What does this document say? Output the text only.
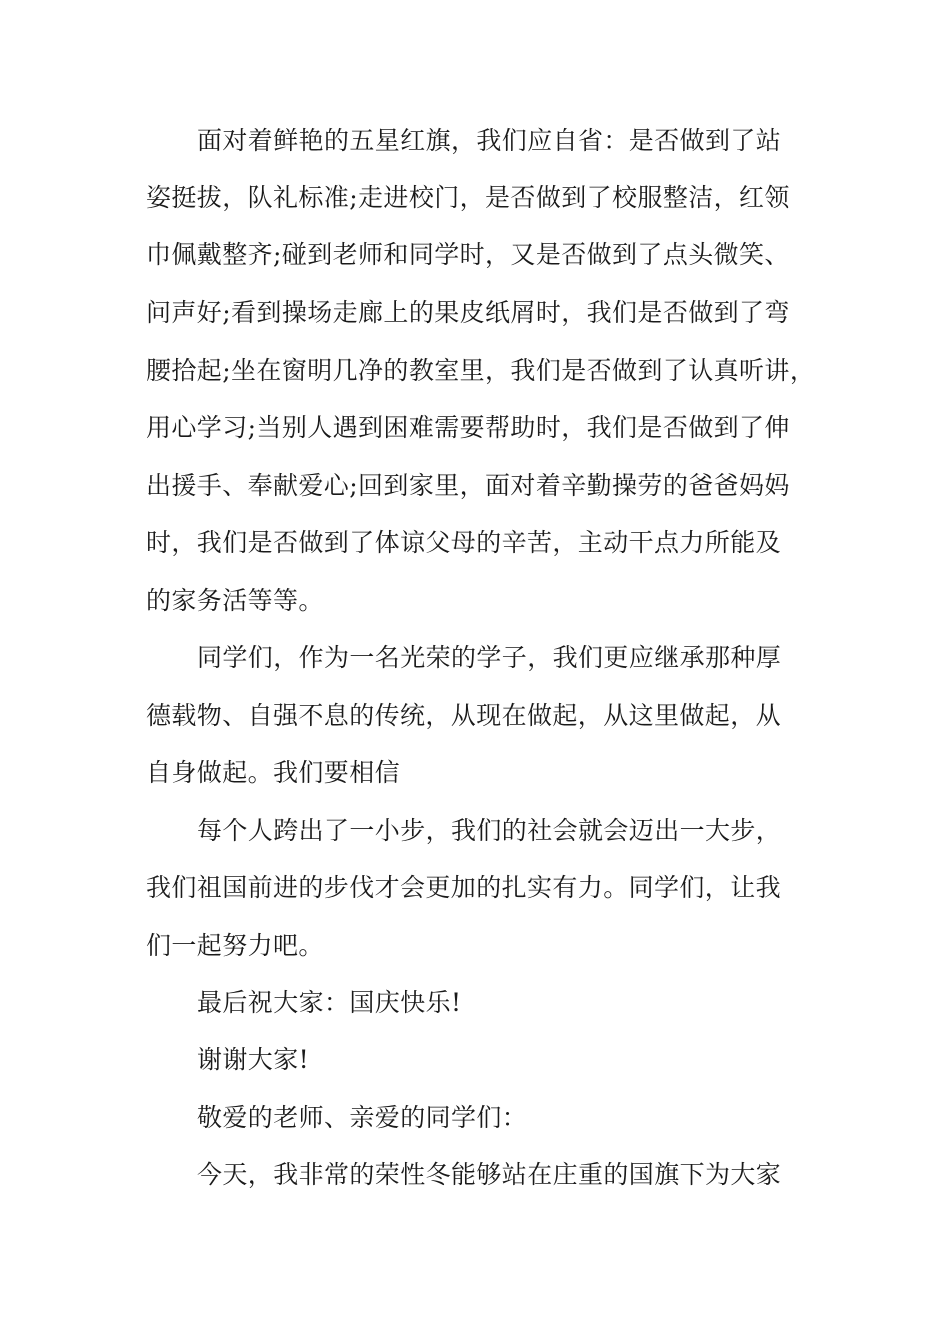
面对着鲜艳的五星红旗，我们应自省：是否做到了站

姿挺拔，队礼标准;走进校门，是否做到了校服整洁，红领

巾佩戴整齐;碰到老师和同学时，又是否做到了点头微笑、

问声好;看到操场走廊上的果皮纸屑时，我们是否做到了弯

腰拾起;坐在窗明几净的教室里，我们是否做到了认真听讲，

用心学习;当别人遇到困难需要帮助时，我们是否做到了伸

出援手、奉献爱心;回到家里，面对着辛勤操劳的爸爸妈妈

时，我们是否做到了体谅父母的辛苦，主动干点力所能及

的家务活等等。

同学们，作为一名光荣的学子，我们更应继承那种厚

德载物、自强不息的传统，从现在做起，从这里做起，从

自身做起。我们要相信

每个人跨出了一小步，我们的社会就会迈出一大步，

我们祖国前进的步伐才会更加的扎实有力。同学们，让我

们一起努力吧。

最后祝大家：国庆快乐!

谢谢大家!

敬爱的老师、亲爱的同学们：

今天，我非常的荣性冬能够站在庄重的国旗下为大家
